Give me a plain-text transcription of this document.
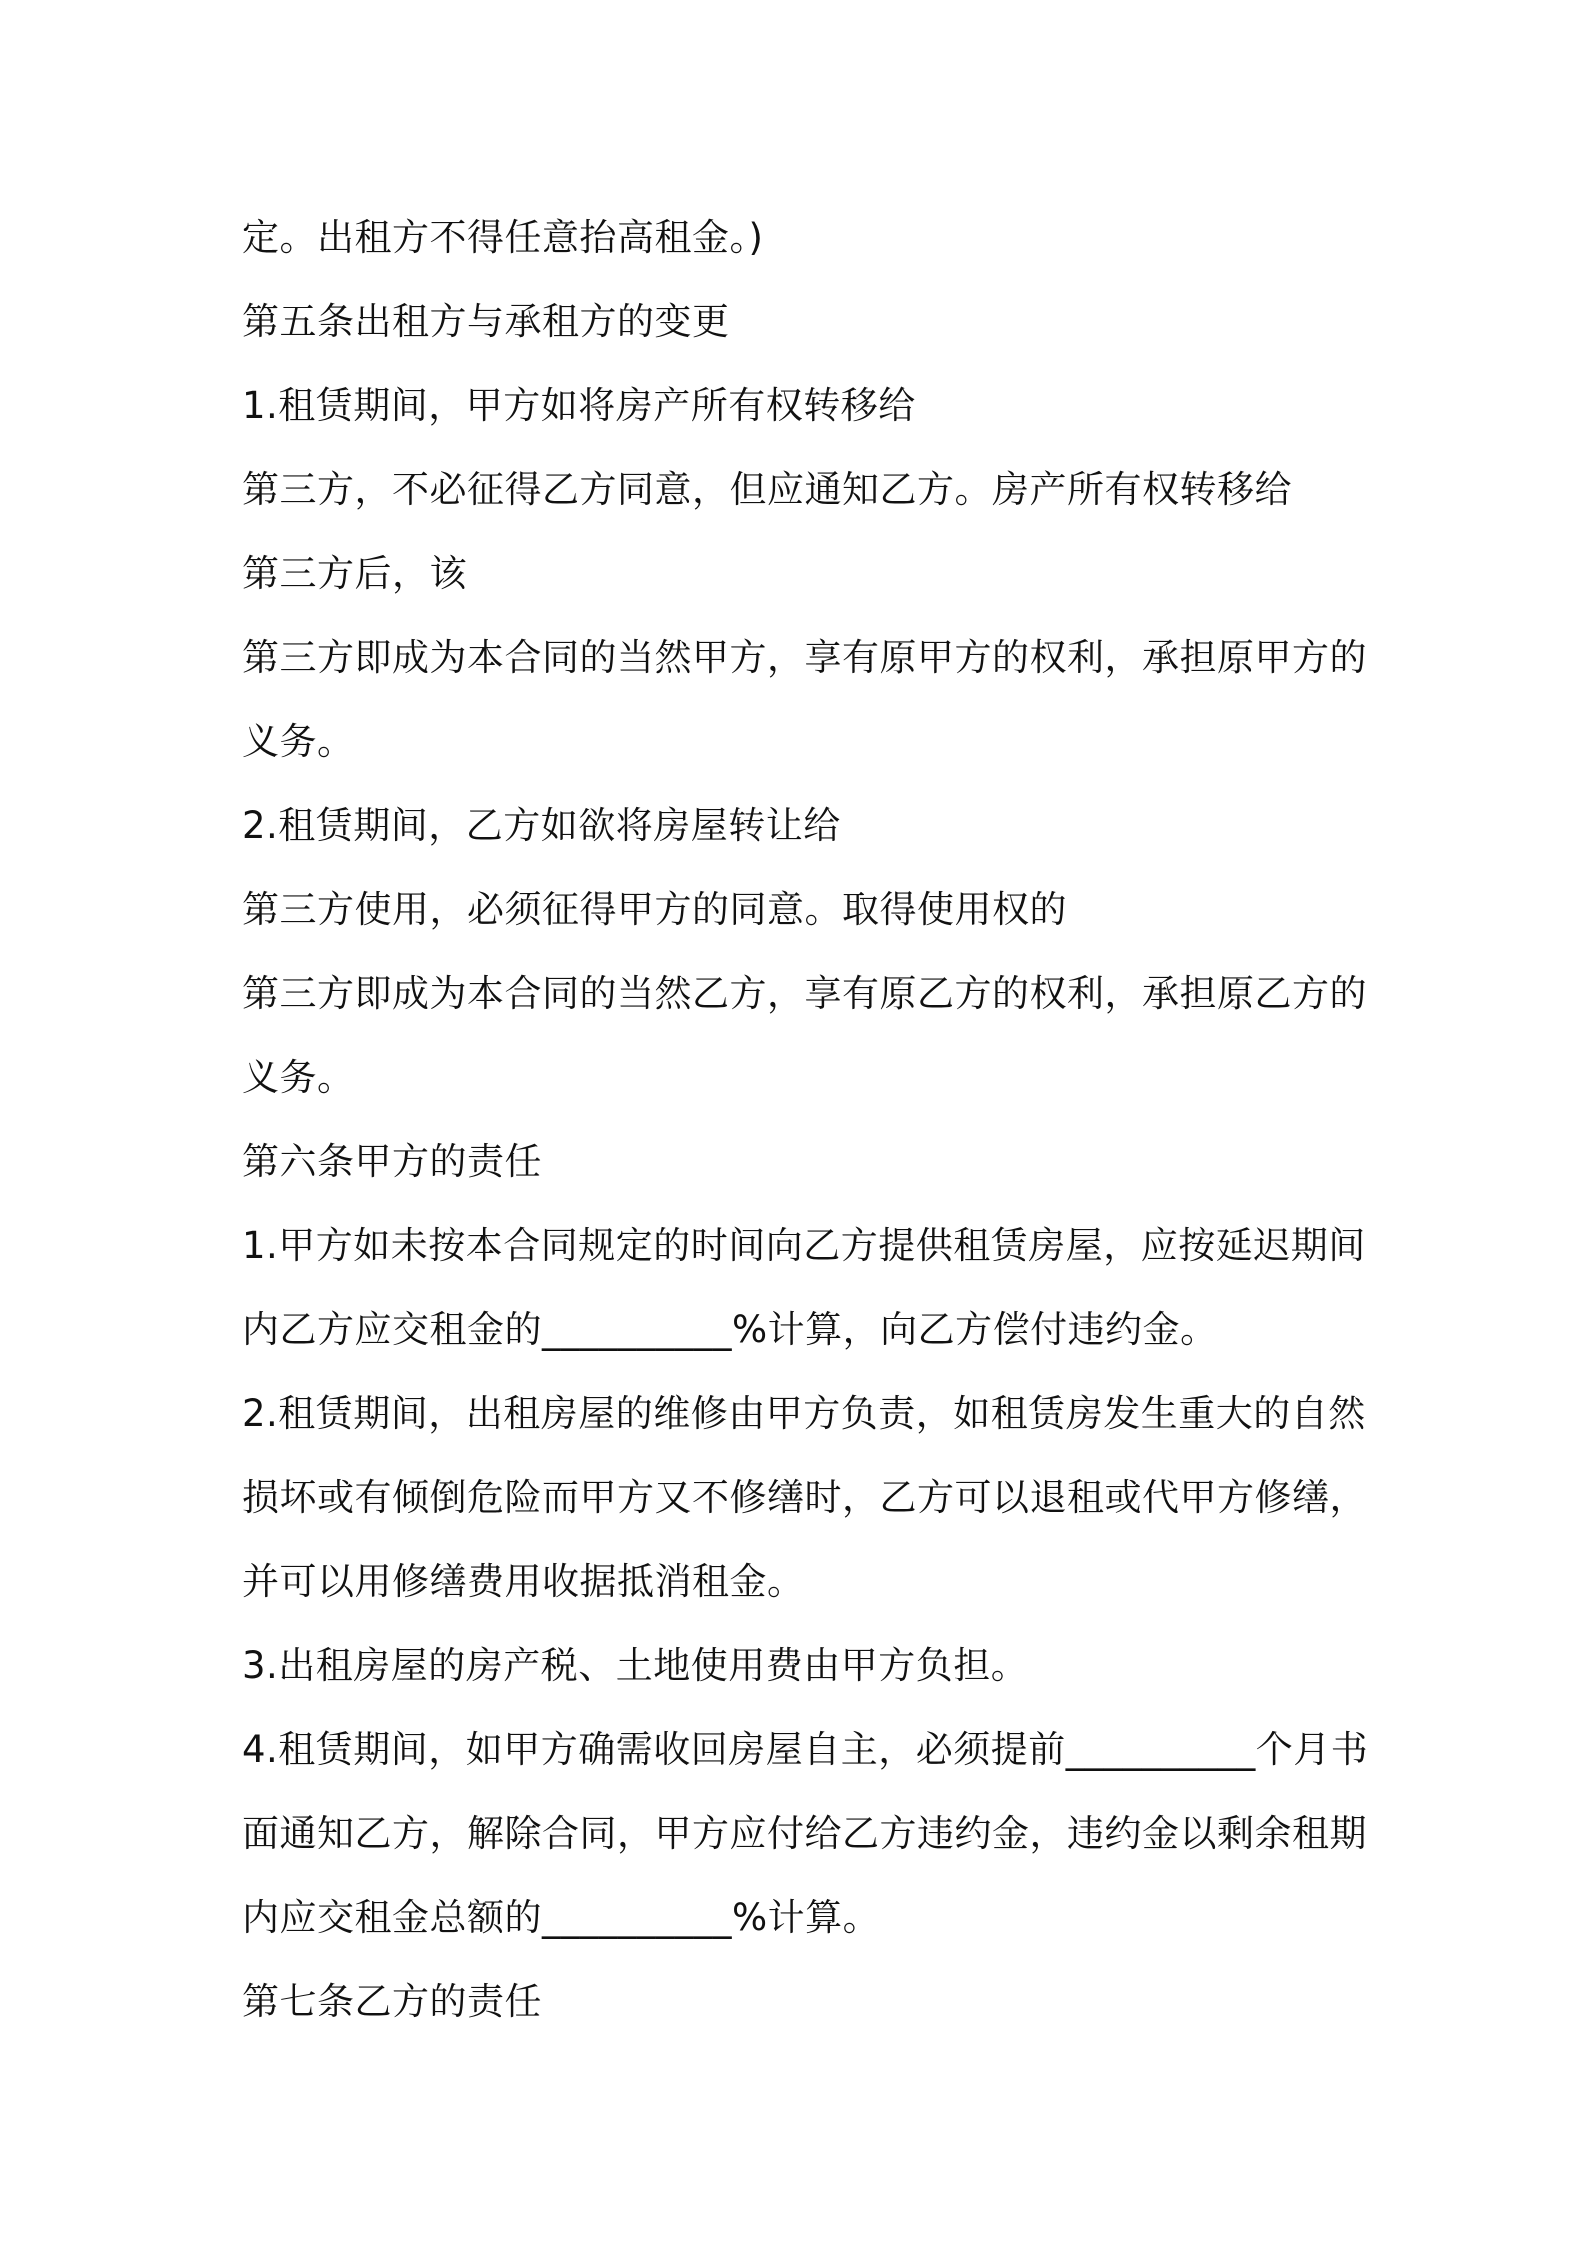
定。出租方不得任意抬高租金。)
第五条出租方与承租方的变更
1.租赁期间，甲方如将房产所有权转移给
第三方，不必征得乙方同意，但应通知乙方。房产所有权转移给
第三方后，该
第三方即成为本合同的当然甲方，享有原甲方的权利，承担原甲方的
义务。
2.租赁期间，乙方如欲将房屋转让给
第三方使用，必须征得甲方的同意。取得使用权的
第三方即成为本合同的当然乙方，享有原乙方的权利，承担原乙方的
义务。
第六条甲方的责任
1.甲方如未按本合同规定的时间向乙方提供租赁房屋，应按延迟期间
内乙方应交租金的__________%计算，向乙方偿付违约金。
2.租赁期间，出租房屋的维修由甲方负责，如租赁房发生重大的自然
损坏或有倾倒危险而甲方又不修缮时，乙方可以退租或代甲方修缮，
并可以用修缮费用收据抵消租金。
3.出租房屋的房产税、土地使用费由甲方负担。
4.租赁期间，如甲方确需收回房屋自主，必须提前__________个月书
面通知乙方，解除合同，甲方应付给乙方违约金，违约金以剩余租期
内应交租金总额的__________%计算。
第七条乙方的责任
